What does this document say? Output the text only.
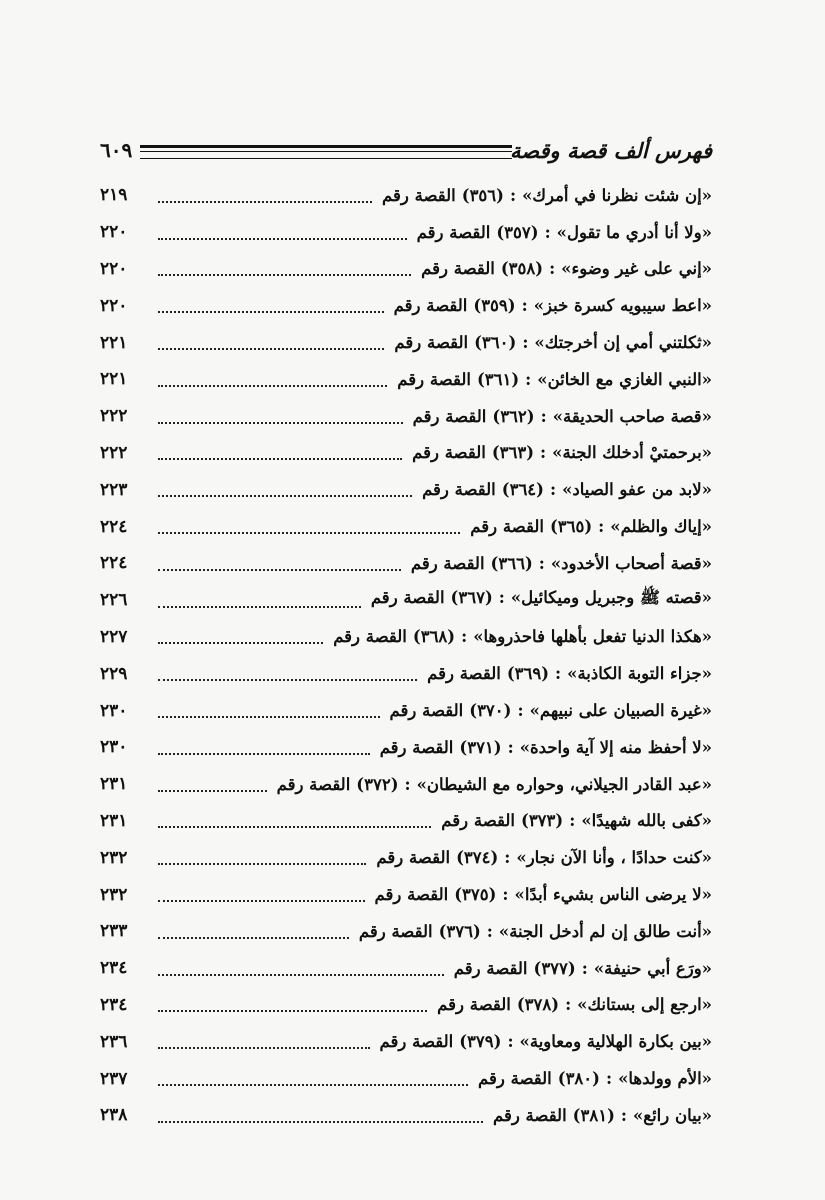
فهرس ألف قصة وقصة
٦٠٩
القصة رقم (٣٥٦) : «إن شئت نظرنا في أمرك»
٢١٩
القصة رقم (٣٥٧) : «ولا أنا أدري ما تقول»
٢٢٠
القصة رقم (٣٥٨) : «إني على غير وضوء»
٢٢٠
القصة رقم (٣٥٩) : «اعط سيبويه كسرة خبز»
٢٢٠
القصة رقم (٣٦٠) : «ثكلتني أمي إن أخرجتك»
٢٢١
القصة رقم (٣٦١) : «النبي الغازي مع الخائن»
٢٢١
القصة رقم (٣٦٢) : «قصة صاحب الحديقة»
٢٢٢
القصة رقم (٣٦٣) : «برحمتيْ أدخلك الجنة»
٢٢٢
القصة رقم (٣٦٤) : «لابد من عفو الصياد»
٢٢٣
القصة رقم (٣٦٥) : «إياك والظلم»
٢٢٤
القصة رقم (٣٦٦) : «قصة أصحاب الأخدود»
٢٢٤
القصة رقم (٣٦٧) : «قصته ﷺ وجبريل وميكائيل»
٢٢٦
القصة رقم (٣٦٨) : «هكذا الدنيا تفعل بأهلها فاحذروها»
٢٢٧
القصة رقم (٣٦٩) : «جزاء التوبة الكاذبة»
٢٢٩
القصة رقم (٣٧٠) : «غيرة الصبيان على نبيهم»
٢٣٠
القصة رقم (٣٧١) : «لا أحفظ منه إلا آية واحدة»
٢٣٠
القصة رقم (٣٧٢) : «عبد القادر الجيلاني، وحواره مع الشيطان»
٢٣١
القصة رقم (٣٧٣) : «كفى بالله شهيدًا»
٢٣١
القصة رقم (٣٧٤) : «كنت حدادًا ، وأنا الآن نجار»
٢٣٢
القصة رقم (٣٧٥) : «لا يرضى الناس بشيء أبدًا»
٢٣٢
القصة رقم (٣٧٦) : «أنت طالق إن لم أدخل الجنة»
٢٣٣
القصة رقم (٣٧٧) : «ورَع أبي حنيفة»
٢٣٤
القصة رقم (٣٧٨) : «ارجع إلى بستانك»
٢٣٤
القصة رقم (٣٧٩) : «بين بكارة الهلالية ومعاوية»
٢٣٦
القصة رقم (٣٨٠) : «الأم وولدها»
٢٣٧
القصة رقم (٣٨١) : «بيان رائع»
٢٣٨
